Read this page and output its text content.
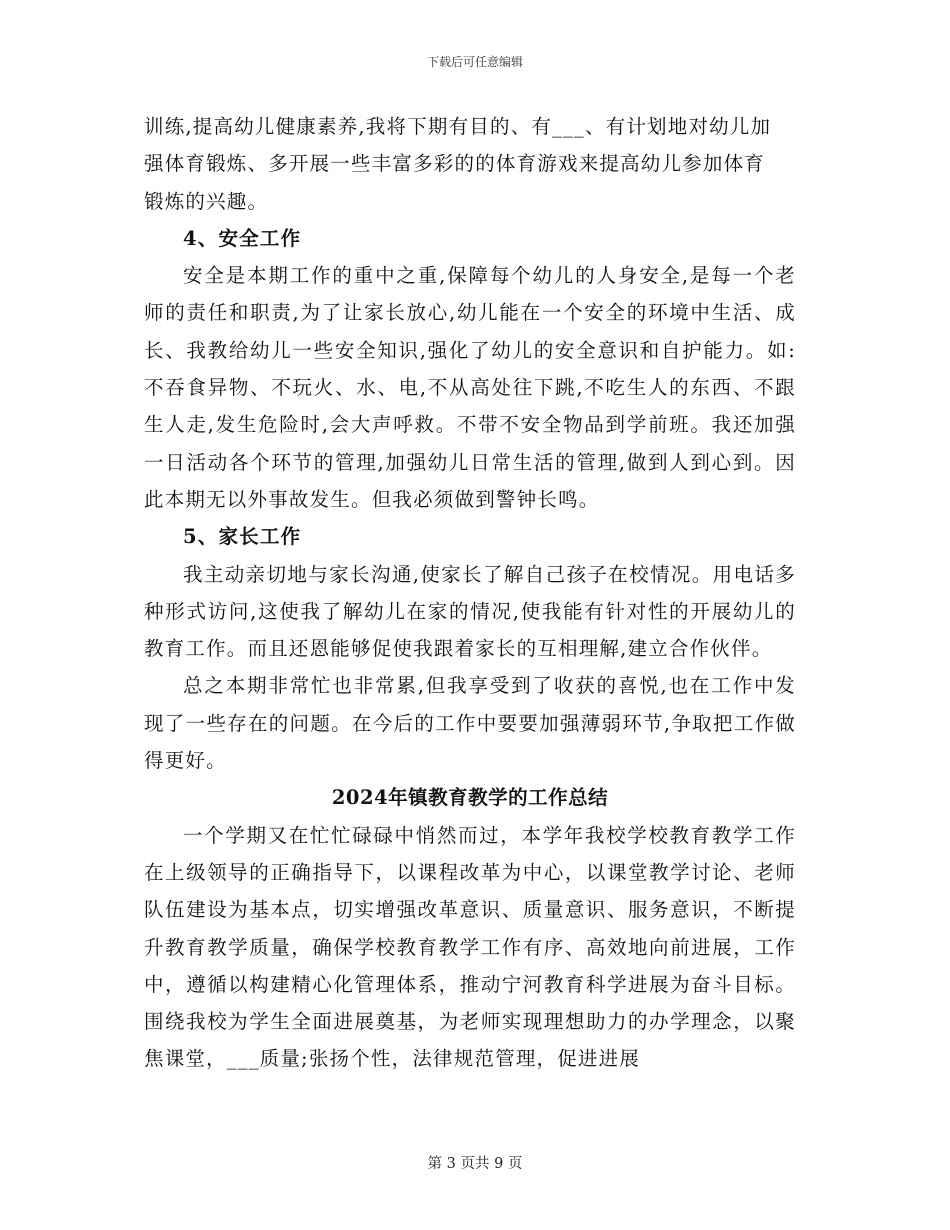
下载后可任意编辑

训练,提高幼儿健康素养,我将下期有目的、有___、有计划地对幼儿加

强体育锻炼、多开展一些丰富多彩的的体育游戏来提高幼儿参加体育

锻炼的兴趣。

4、安全工作

安全是本期工作的重中之重,保障每个幼儿的人身安全,是每一个老师的责任和职责,为了让家长放心,幼儿能在一个安全的环境中生活、成长、我教给幼儿一些安全知识,强化了幼儿的安全意识和自护能力。如:不吞食异物、不玩火、水、电,不从高处往下跳,不吃生人的东西、不跟生人走,发生危险时,会大声呼救。不带不安全物品到学前班。我还加强一日活动各个环节的管理,加强幼儿日常生活的管理,做到人到心到。因此本期无以外事故发生。但我必须做到警钟长鸣。

5、家长工作

我主动亲切地与家长沟通,使家长了解自己孩子在校情况。用电话多种形式访问,这使我了解幼儿在家的情况,使我能有针对性的开展幼儿的教育工作。而且还恩能够促使我跟着家长的互相理解,建立合作伙伴。

总之本期非常忙也非常累,但我享受到了收获的喜悦,也在工作中发现了一些存在的问题。在今后的工作中要要加强薄弱环节,争取把工作做得更好。

2024年镇教育教学的工作总结

一个学期又在忙忙碌碌中悄然而过，本学年我校学校教育教学工作在上级领导的正确指导下，以课程改革为中心，以课堂教学讨论、老师队伍建设为基本点，切实增强改革意识、质量意识、服务意识，不断提升教育教学质量，确保学校教育教学工作有序、高效地向前进展，工作中，遵循以构建精心化管理体系，推动宁河教育科学进展为奋斗目标。围绕我校为学生全面进展奠基，为老师实现理想助力的办学理念，以聚焦课堂，___质量;张扬个性，法律规范管理，促进进展

第 3 页共 9 页
